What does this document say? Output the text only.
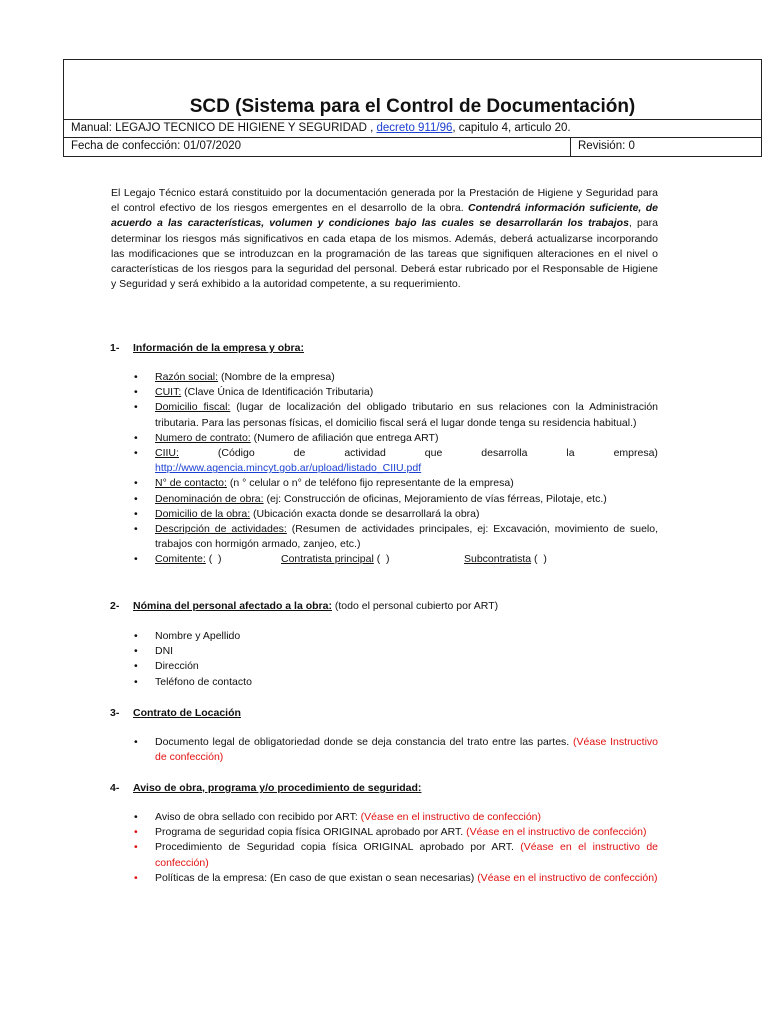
SCD (Sistema para el Control de Documentación)
Manual: LEGAJO TECNICO DE HIGIENE Y SEGURIDAD , decreto 911/96, capitulo 4, articulo 20.
Fecha de confección: 01/07/2020	Revisión: 0

El Legajo Técnico estará constituido por la documentación generada por la Prestación de Higiene y Seguridad para el control efectivo de los riesgos emergentes en el desarrollo de la obra. Contendrá información suficiente, de acuerdo a las características, volumen y condiciones bajo las cuales se desarrollarán los trabajos, para determinar los riesgos más significativos en cada etapa de los mismos. Además, deberá actualizarse incorporando las modificaciones que se introduzcan en la programación de las tareas que signifiquen alteraciones en el nivel o características de los riesgos para la seguridad del personal. Deberá estar rubricado por el Responsable de Higiene y Seguridad y será exhibido a la autoridad competente, a su requerimiento.

1- Información de la empresa y obra:
• Razón social: (Nombre de la empresa)
• CUIT: (Clave Única de Identificación Tributaria)
• Domicilio fiscal: (lugar de localización del obligado tributario en sus relaciones con la Administración tributaria. Para las personas físicas, el domicilio fiscal será el lugar donde tenga su residencia habitual.)
• Numero de contrato: (Numero de afiliación que entrega ART)
• CIIU:	(Código	de	actividad	que	desarrolla	la	empresa)
http://www.agencia.mincyt.gob.ar/upload/listado_CIIU.pdf
• N° de contacto: (n ° celular o n° de teléfono fijo representante de la empresa)
• Denominación de obra: (ej: Construcción de oficinas, Mejoramiento de vías férreas, Pilotaje, etc.)
• Domicilio de la obra: (Ubicación exacta donde se desarrollará la obra)
• Descripción de actividades: (Resumen de actividades principales, ej: Excavación, movimiento de suelo, trabajos con hormigón armado, zanjeo, etc.)
• Comitente: (  )	Contratista principal (  )	Subcontratista (  )
2- Nómina del personal afectado a la obra: (todo el personal cubierto por ART)
• Nombre y Apellido
• DNI
• Dirección
• Teléfono de contacto
3- Contrato de Locación
• Documento legal de obligatoriedad donde se deja constancia del trato entre las partes. (Véase Instructivo de confección)
4- Aviso de obra, programa y/o procedimiento de seguridad:
• Aviso de obra sellado con recibido por ART: (Véase en el instructivo de confección)
• Programa de seguridad copia física ORIGINAL aprobado por ART. (Véase en el instructivo de confección)
• Procedimiento de Seguridad copia física ORIGINAL aprobado por ART. (Véase en el instructivo de confección)
• Políticas de la empresa: (En caso de que existan o sean necesarias) (Véase en el instructivo de confección)
